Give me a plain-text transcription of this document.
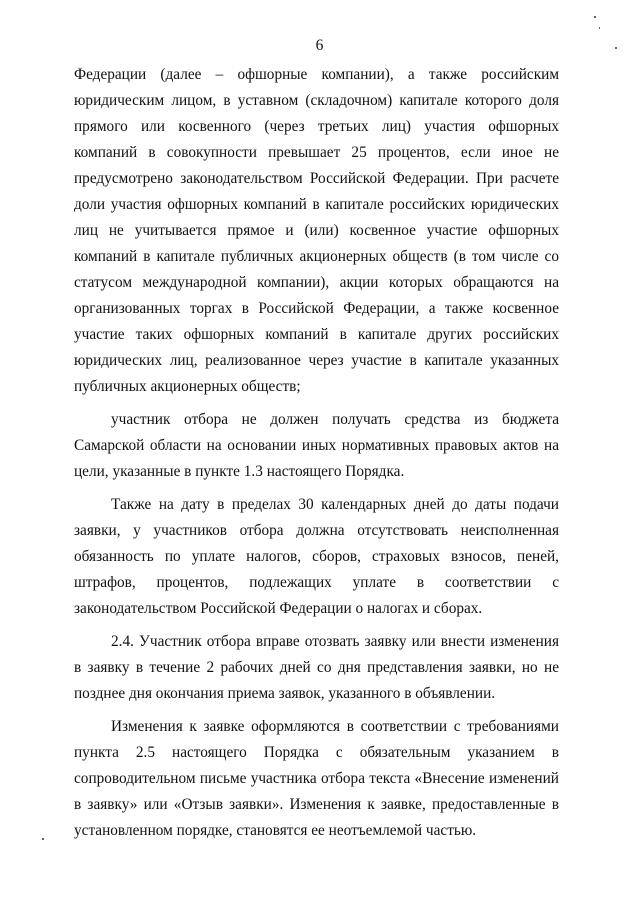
6

Федерации (далее – офшорные компании), а также российским юридическим лицом, в уставном (складочном) капитале которого доля прямого или косвенного (через третьих лиц) участия офшорных компаний в совокупности превышает 25 процентов, если иное не предусмотрено законодательством Российской Федерации. При расчете доли участия офшорных компаний в капитале российских юридических лиц не учитывается прямое и (или) косвенное участие офшорных компаний в капитале публичных акционерных обществ (в том числе со статусом международной компании), акции которых обращаются на организованных торгах в Российской Федерации, а также косвенное участие таких офшорных компаний в капитале других российских юридических лиц, реализованное через участие в капитале указанных публичных акционерных обществ;

участник отбора не должен получать средства из бюджета Самарской области на основании иных нормативных правовых актов на цели, указанные в пункте 1.3 настоящего Порядка.

Также на дату в пределах 30 календарных дней до даты подачи заявки, у участников отбора должна отсутствовать неисполненная обязанность по уплате налогов, сборов, страховых взносов, пеней, штрафов, процентов, подлежащих уплате в соответствии с законодательством Российской Федерации о налогах и сборах.

2.4. Участник отбора вправе отозвать заявку или внести изменения в заявку в течение 2 рабочих дней со дня представления заявки, но не позднее дня окончания приема заявок, указанного в объявлении.

Изменения к заявке оформляются в соответствии с требованиями пункта 2.5 настоящего Порядка с обязательным указанием в сопроводительном письме участника отбора текста «Внесение изменений в заявку» или «Отзыв заявки». Изменения к заявке, предоставленные в установленном порядке, становятся ее неотъемлемой частью.
